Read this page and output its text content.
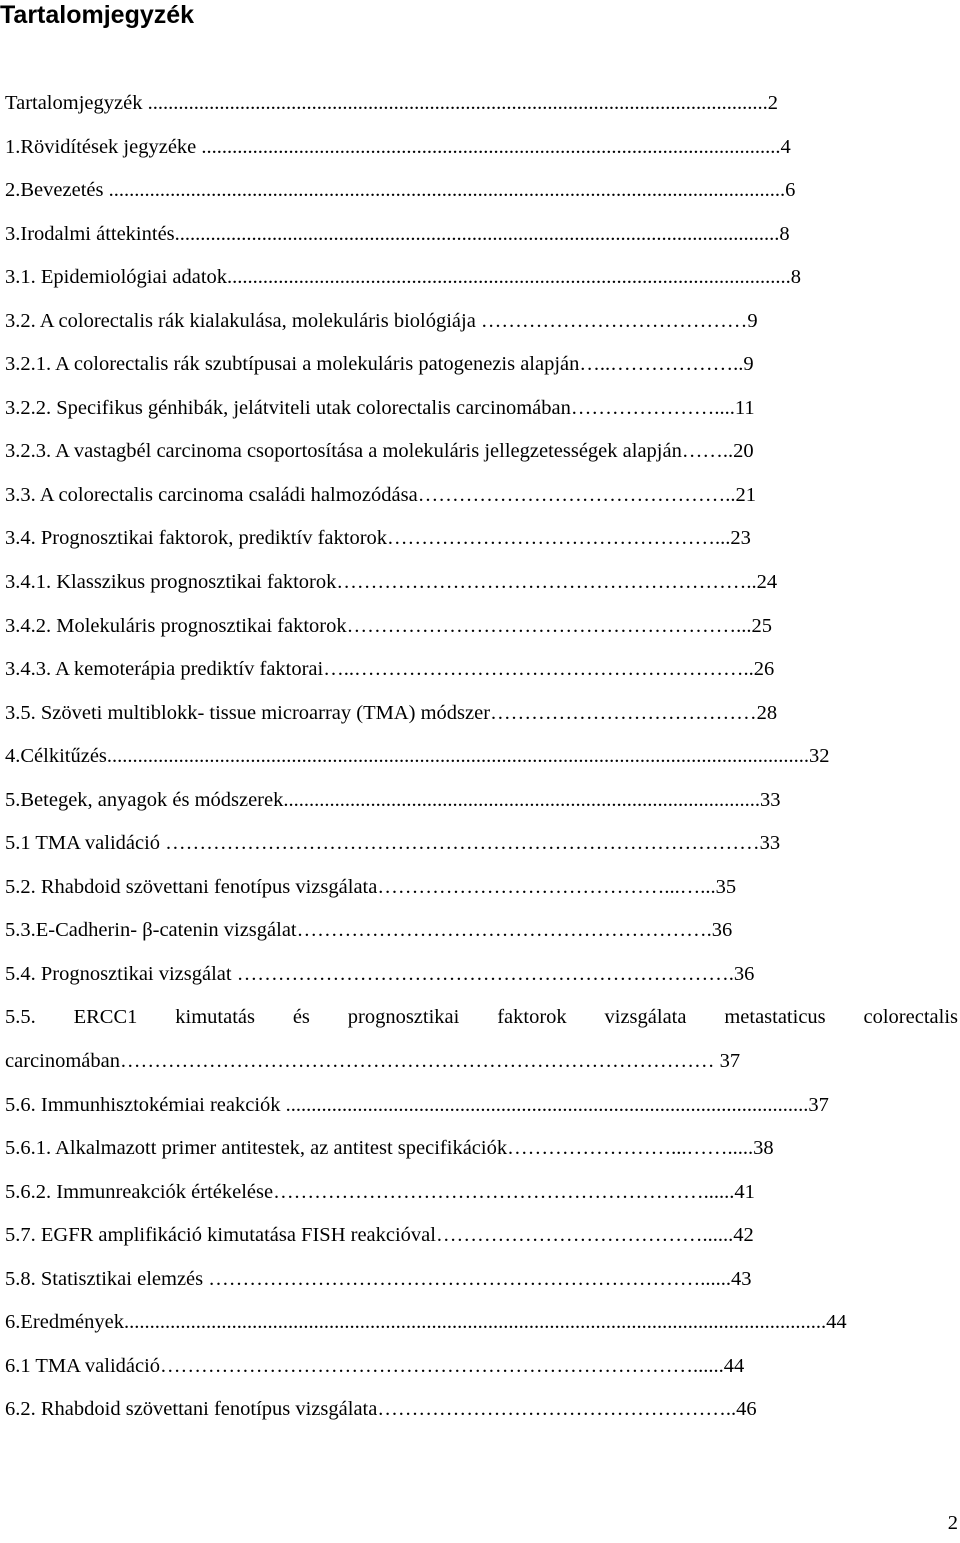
Tartalomjegyzék
Tartalomjegyzék .........................................................................................................................2
1.Rövidítések jegyzéke .................................................................................................................4
2.Bevezetés ....................................................................................................................................6
3.Irodalmi áttekintés......................................................................................................................8
3.1. Epidemiológiai adatok..............................................................................................................8
3.2. A colorectalis rák kialakulása, molekuláris biológiája …………………………………9
3.2.1. A colorectalis rák szubtípusai a molekuláris patogenezis alapján…..………………..9
3.2.2. Specifikus génhibák, jelátviteli utak colorectalis carcinomában…………………....11
3.2.3. A vastagbél carcinoma csoportosítása a molekuláris jellegzetességek alapján……..20
3.3. A colorectalis carcinoma családi halmozódása………………………………………..21
3.4. Prognosztikai faktorok, prediktív faktorok…………………………………………...23
3.4.1. Klasszikus prognosztikai faktorok……………………………………………………..24
3.4.2. Molekuláris prognosztikai faktorok…………………………………………………...25
3.4.3. A kemoterápia prediktív faktorai…..…………………………………………………..26
3.5. Szöveti multiblokk- tissue microarray (TMA) módszer…………………………………28
4.Célkitűzés.........................................................................................................................................32
5.Betegek, anyagok és módszerek.............................................................................................33
5.1 TMA validáció ……………………………………………………………………………33
5.2. Rhabdoid szövettani fenotípus vizsgálata……………………………………...…...35
5.3.E-Cadherin- β-catenin vizsgálat…………………………………………………….36
5.4. Prognosztikai vizsgálat ……………………………………………………………….36
5.5. ERCC1 kimutatás és prognosztikai faktorok vizsgálata metastaticus colorectalis
carcinomában…………………………………………………………………………… 37
5.6. Immunhisztokémiai reakciók ......................................................................................................37
5.6.1. Alkalmazott primer antitestek, az antitest specifikációk……………………...…….....38
5.6.2. Immunreakciók értékelése………………………………………………………......41
5.7. EGFR amplifikáció kimutatása FISH reakcióval…………………………………......42
5.8. Statisztikai elemzés ………………………………………………………………......43
6.Eredmények.........................................................................................................................................44
6.1 TMA validáció……………………………………………………………………......44
6.2. Rhabdoid szövettani fenotípus vizsgálata……………………………………………..46
2
